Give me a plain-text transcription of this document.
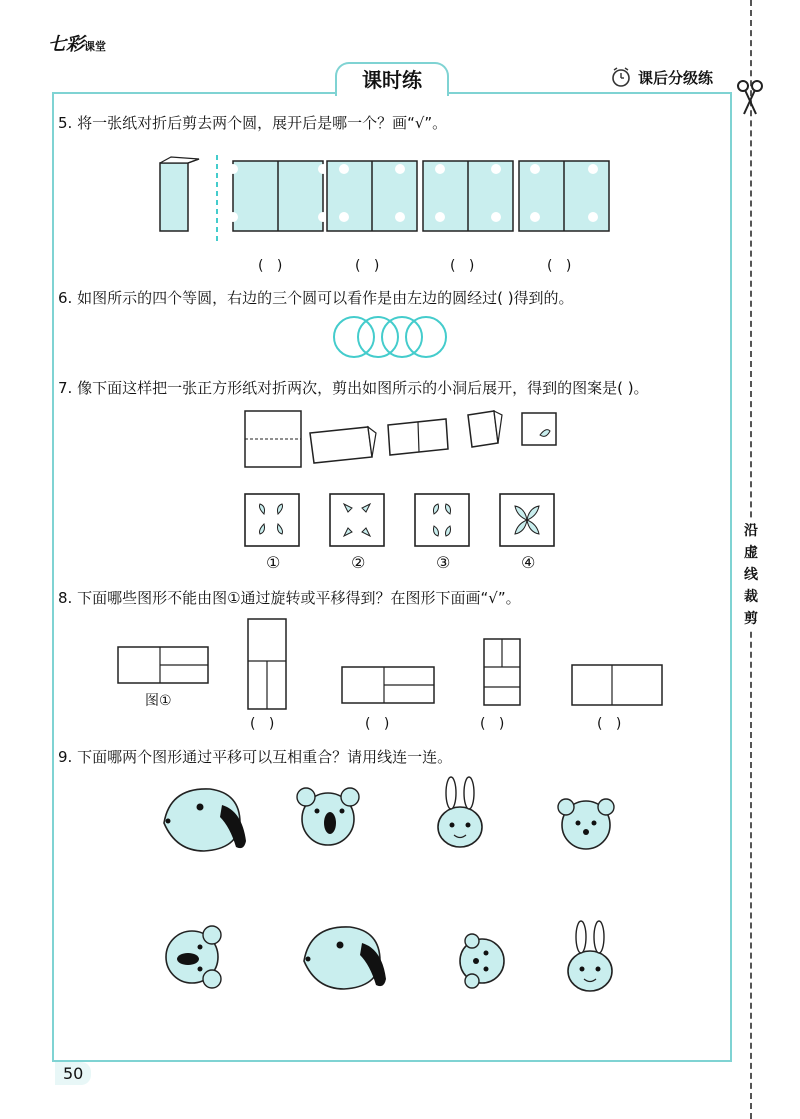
七彩课堂
课时练	课后分级练
沿虚线裁剪
5. 将一张纸对折后剪去两个圆，展开后是哪一个？画“√”。
(   )	(   )	(   )	(   )
6. 如图所示的四个等圆，右边的三个圆可以看作是由左边的圆经过( )得到的。
7. 像下面这样把一张正方形纸对折两次，剪出如图所示的小洞后展开，得到的图案是( )。
①	②	③	④
8. 下面哪些图形不能由图①通过旋转或平移得到？在图形下面画“√”。
图①
(   )	(   )	(   )	(   )
9. 下面哪两个图形通过平移可以互相重合？请用线连一连。
50
